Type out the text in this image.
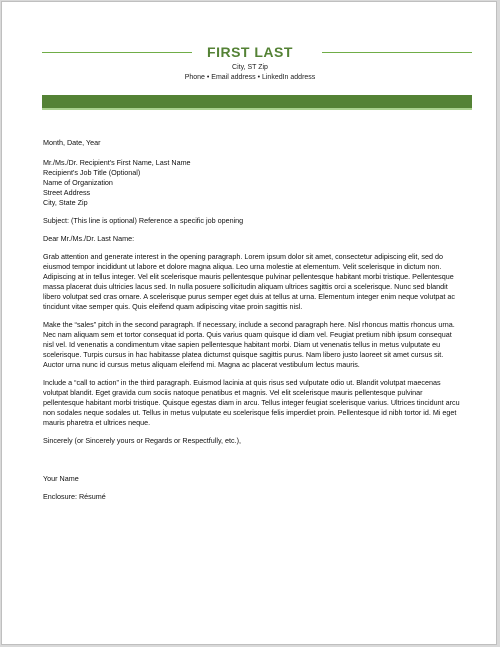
FIRST LAST
City, ST Zip
Phone • Email address • LinkedIn address

Month, Date, Year

Mr./Ms./Dr. Recipient's First Name, Last Name

Recipient's Job Title (Optional)

Name of Organization

Street Address

City, State Zip

Subject: (This line is optional) Reference a specific job opening

Dear Mr./Ms./Dr. Last Name:

Grab attention and generate interest in the opening paragraph. Lorem ipsum dolor sit amet, consectetur adipiscing elit, sed do eiusmod tempor incididunt ut labore et dolore magna aliqua. Leo urna molestie at elementum. Velit scelerisque in dictum non. Adipiscing at in tellus integer. Vel elit scelerisque mauris pellentesque pulvinar pellentesque habitant morbi tristique. Pellentesque massa placerat duis ultricies lacus sed. In nulla posuere sollicitudin aliquam ultrices sagittis orci a scelerisque. Nunc sed blandit libero volutpat sed cras ornare. A scelerisque purus semper eget duis at tellus at urna. Elementum integer enim neque volutpat ac tincidunt vitae semper quis. Quis eleifend quam adipiscing vitae proin sagittis nisl.

Make the “sales” pitch in the second paragraph. If necessary, include a second paragraph here. Nisl rhoncus mattis rhoncus urna. Nec nam aliquam sem et tortor consequat id porta. Quis varius quam quisque id diam vel. Feugiat pretium nibh ipsum consequat nisl vel. Id venenatis a condimentum vitae sapien pellentesque habitant morbi. Diam ut venenatis tellus in metus vulputate eu scelerisque. Turpis cursus in hac habitasse platea dictumst quisque sagittis purus. Nam libero justo laoreet sit amet cursus sit. Auctor urna nunc id cursus metus aliquam eleifend mi. Magna ac placerat vestibulum lectus mauris.

Include a “call to action” in the third paragraph. Euismod lacinia at quis risus sed vulputate odio ut. Blandit volutpat maecenas volutpat blandit. Eget gravida cum sociis natoque penatibus et magnis. Vel elit scelerisque mauris pellentesque pulvinar pellentesque habitant morbi tristique. Quisque egestas diam in arcu. Tellus integer feugiat scelerisque varius. Ultrices tincidunt arcu non sodales neque sodales ut. Tellus in metus vulputate eu scelerisque felis imperdiet proin. Pellentesque id nibh tortor id. Mi eget mauris pharetra et ultrices neque.

Sincerely (or Sincerely yours or Regards or Respectfully, etc.),

Your Name

Enclosure: Résumé
